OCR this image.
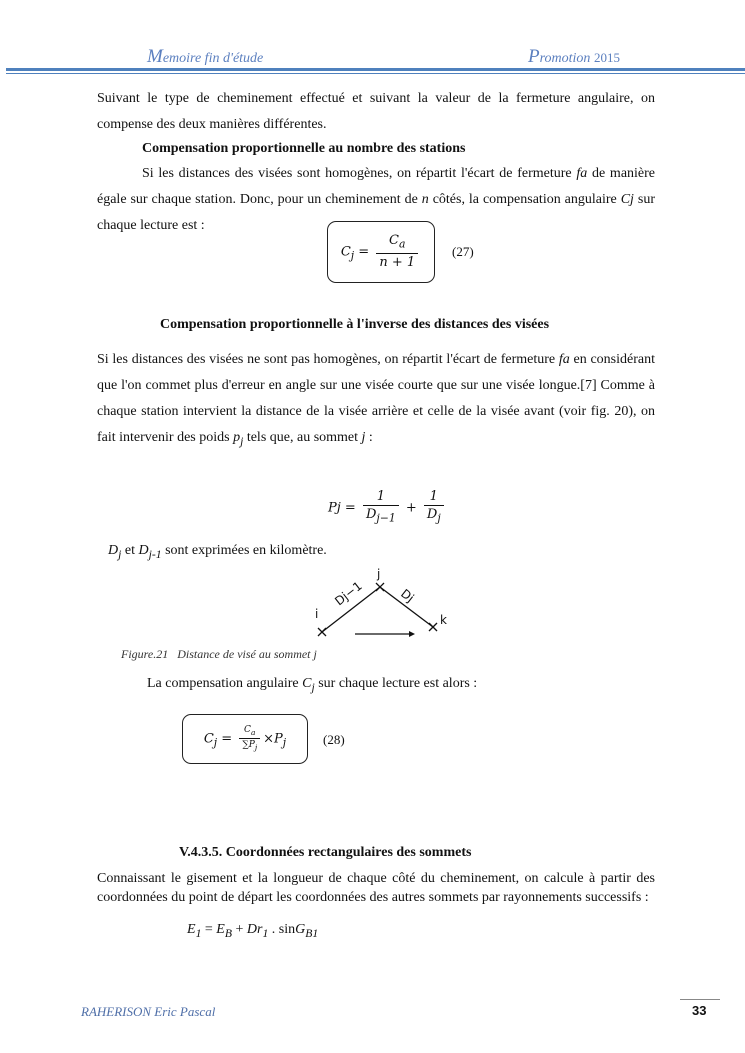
Memoire fin d'étude	Promotion 2015

Suivant le type de cheminement effectué et suivant la valeur de la fermeture angulaire, on compense des deux manières différentes.

Compensation proportionnelle au nombre des stations

Si les distances des visées sont homogènes, on répartit l'écart de fermeture fa de manière égale sur chaque station. Donc, pour un cheminement de n côtés, la compensation angulaire Cj sur chaque lecture est :

$C_j = \frac{C_a}{n + 1}$	(27)

Compensation proportionnelle à l'inverse des distances des visées

Si les distances des visées ne sont pas homogènes, on répartit l'écart de fermeture fa en considérant que l'on commet plus d'erreur en angle sur une visée courte que sur une visée longue.[7] Comme à chaque station intervient la distance de la visée arrière et celle de la visée avant (voir fig. 20), on fait intervenir des poids $p_j$ tels que, au sommet j :

$Pj = \frac{1}{D_{j-1}} + \frac{1}{D_j}$

$D_j$ et $D_{j-1}$ sont exprimées en kilomètre.

i
j
k
Dj−1	Dj
Figure.21 Distance de visé au sommet j

La compensation angulaire $C_j$ sur chaque lecture est alors :

$C_j = \frac{C_a}{\sum P_j} \times P_j$	(28)

V.4.3.5. Coordonnées rectangulaires des sommets

Connaissant le gisement et la longueur de chaque côté du cheminement, on calcule à partir des coordonnées du point de départ les coordonnées des autres sommets par rayonnements successifs :

$E_1 = E_B + Dr_1$ . sinG$_{B1}$

RAHERISON Eric Pascal	33
